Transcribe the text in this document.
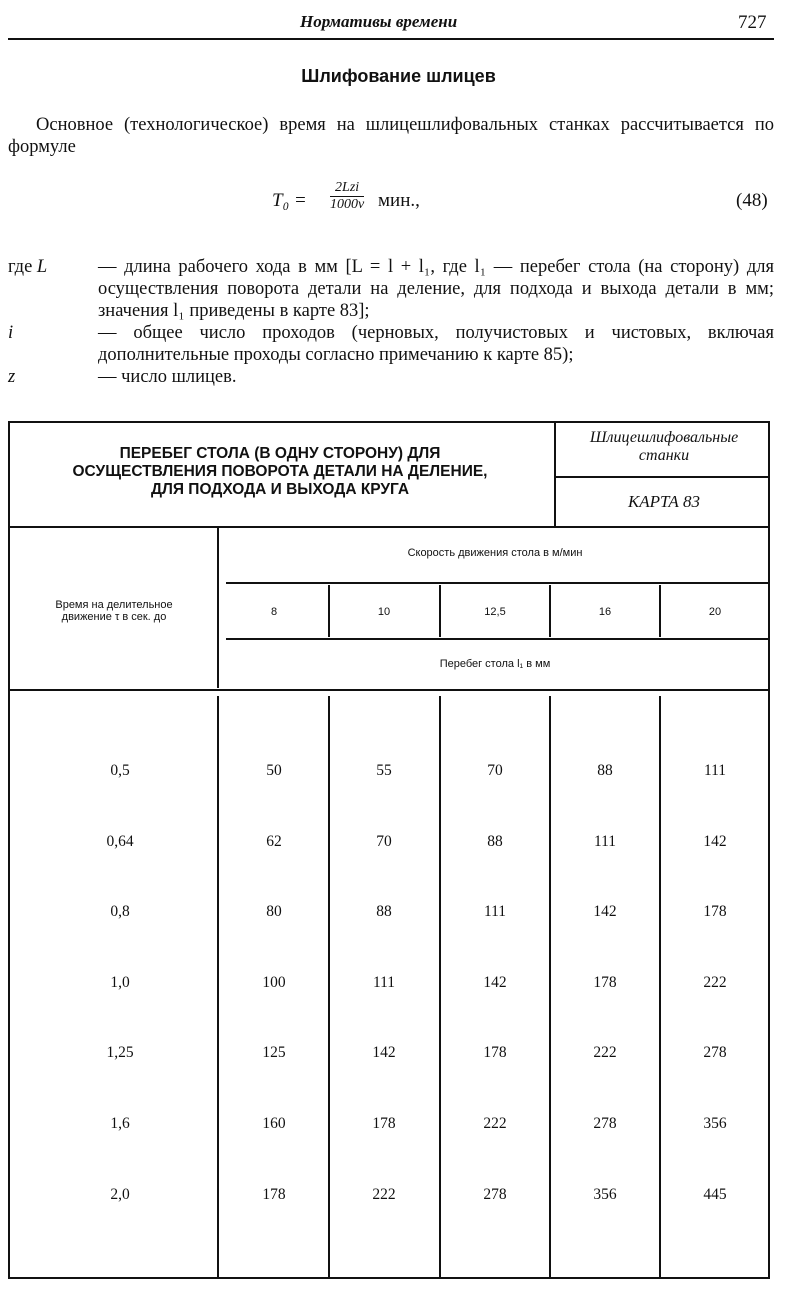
Нормативы времени	727
Шлифование шлицев
Основное (технологическое) время на шлицешлифовальных станках рассчитывается по формуле
T₀ =
2Lzi
1000v мин.,	(48)
где L	— длина рабочего хода в мм [L = l + l₁, где l₁ — перебег стола (на сторону) для осуществления поворота детали на деление, для подхода и выхода детали в мм; значения l₁ приведены в карте 83];
i	— общее число проходов (черновых, получистовых и чистовых, включая дополнительные проходы согласно примечанию к карте 85);
z	— число шлицев.
ПЕРЕБЕГ СТОЛА (В ОДНУ СТОРОНУ) ДЛЯ
ОСУЩЕСТВЛЕНИЯ ПОВОРОТА ДЕТАЛИ НА ДЕЛЕНИЕ,
ДЛЯ ПОДХОДА И ВЫХОДА КРУГА
Шлицешлифовальные
станки
КАРТА 83
Время на делительное
движение τ в сек. до
Скорость движения стола в м/мин
8	10	12,5	16	20
Перебег стола l₁ в мм
0,5	50	55	70	88	111
0,64	62	70	88	111	142
0,8	80	88	111	142	178
1,0	100	111	142	178	222
1,25	125	142	178	222	278
1,6	160	178	222	278	356
2,0	178	222	278	356	445
